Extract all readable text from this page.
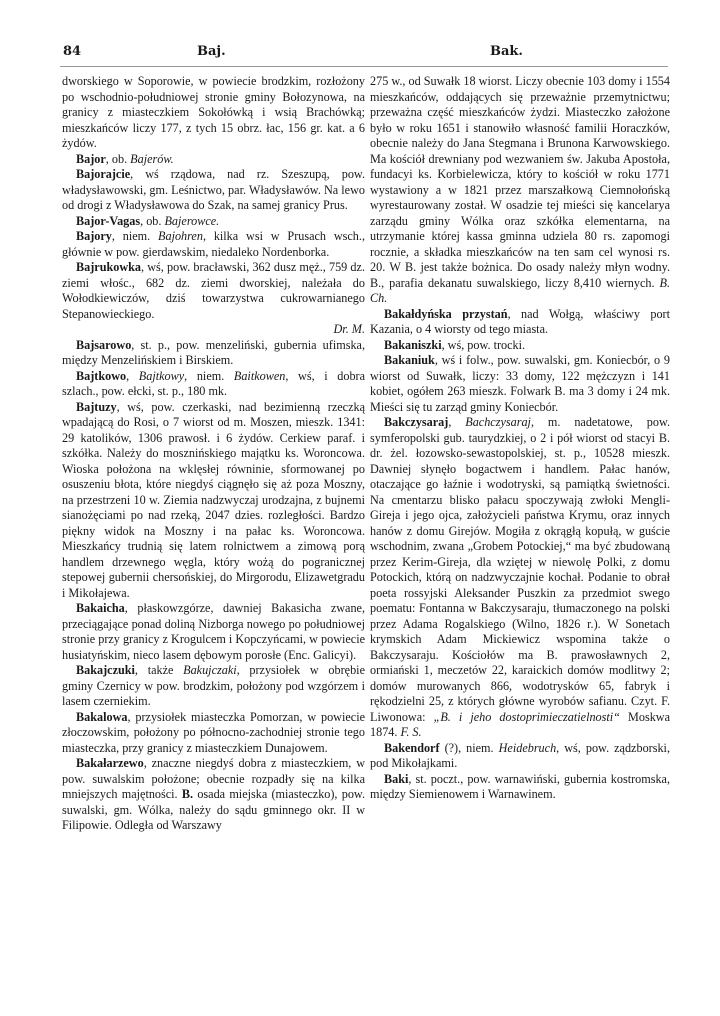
84	Baj.	Bak.

dworskiego w Soporowie, w powiecie brodzkim, rozłożony po wschodnio-południowej stronie gminy Bołozynowa, na granicy z miasteczkiem Sokołówką i wsią Brachówką; mieszkańców liczy 177, z tych 15 obrz. łac, 156 gr. kat. a 6 żydów.

Bajor, ob. Bajerów.

Bajorajcie, wś rządowa, nad rz. Szeszupą, pow. władysławowski, gm. Leśnictwo, par. Władysławów. Na lewo od drogi z Władysławowa do Szak, na samej granicy Prus.

Bajor-Vagas, ob. Bajerowce.

Bajory, niem. Bajohren, kilka wsi w Prusach wsch., głównie w pow. gierdawskim, niedaleko Nordenborka.

Bajrukowka, wś, pow. bracławski, 362 dusz męż., 759 dz. ziemi włośc., 682 dz. ziemi dworskiej, należała do Wołodkiewiczów, dziś towarzystwa cukrowarnianego Stepanowieckiego.

Dr. M.

Bajsarowo, st. p., pow. menzeliński, gubernia ufimska, między Menzelińskiem i Birskiem.

Bajtkowo, Bajtkowy, niem. Baitkowen, wś, i dobra szlach., pow. ełcki, st. p., 180 mk.

Bajtuzy, wś, pow. czerkaski, nad bezimienną rzeczką wpadającą do Rosi, o 7 wiorst od m. Moszen, mieszk. 1341: 29 katolików, 1306 prawosł. i 6 żydów. Cerkiew paraf. i szkółka. Należy do mosznińskiego majątku ks. Woroncowa. Wioska położona na wklęsłej równinie, sformowanej po osuszeniu błota, które niegdyś ciągnęło się aż poza Moszny, na przestrzeni 10 w. Ziemia nadzwyczaj urodzajna, z bujnemi sianożęciami po nad rzeką, 2047 dzies. rozległości. Bardzo piękny widok na Moszny i na pałac ks. Woroncowa. Mieszkańcy trudnią się latem rolnictwem a zimową porą handlem drzewnego węgla, który wożą do pogranicznej stepowej gubernii chersońskiej, do Mirgorodu, Elizawetgradu i Mikołajewa.

Bakaicha, płaskowzgórze, dawniej Bakasicha zwane, przeciągające ponad doliną Nizborga nowego po południowej stronie przy granicy z Krogulcem i Kopczyńcami, w powiecie husiatyńskim, nieco lasem dębowym porosłe (Enc. Galicyi).

Bakajczuki, także Bakujczaki, przysiołek w obrębie gminy Czernicy w pow. brodzkim, położony pod wzgórzem i lasem czerniekim.

Bakalowa, przysiołek miasteczka Pomorzan, w powiecie złoczowskim, położony po północno-zachodniej stronie tego miasteczka, przy granicy z miasteczkiem Dunajowem.

Bakałarzewo, znaczne niegdyś dobra z miasteczkiem, w pow. suwalskim położone; obecnie rozpadły się na kilka mniejszych majętności. B. osada miejska (miasteczko), pow. suwalski, gm. Wólka, należy do sądu gminnego okr. II w Filipowie. Odległa od Warszawy

275 w., od Suwałk 18 wiorst. Liczy obecnie 103 domy i 1554 mieszkańców, oddających się przeważnie przemytnictwu; przeważna część mieszkańców żydzi. Miasteczko założone było w roku 1651 i stanowiło własność familii Horaczków, obecnie należy do Jana Stegmana i Brunona Karwowskiego. Ma kościół drewniany pod wezwaniem św. Jakuba Apostoła, fundacyi ks. Korbielewicza, który to kościół w roku 1771 wystawiony a w 1821 przez marszałkową Ciemnołońską wyrestaurowany został. W osadzie tej mieści się kancelarya zarządu gminy Wólka oraz szkółka elementarna, na utrzymanie której kassa gminna udziela 80 rs. zapomogi rocznie, a składka mieszkańców na ten sam cel wynosi rs. 20. W B. jest także bożnica. Do osady należy młyn wodny. B., parafia dekanatu suwalskiego, liczy 8,410 wiernych. B. Ch.

Bakałdyńska przystań, nad Wołgą, właściwy port Kazania, o 4 wiorsty od tego miasta.

Bakaniszki, wś, pow. trocki.

Bakaniuk, wś i folw., pow. suwalski, gm. Koniecbór, o 9 wiorst od Suwałk, liczy: 33 domy, 122 mężczyzn i 141 kobiet, ogółem 263 mieszk. Folwark B. ma 3 domy i 24 mk. Mieści się tu zarząd gminy Koniecbór.

Bakczysaraj, Bachczysaraj, m. nadetatowe, pow. symferopolski gub. taurydzkiej, o 2 i pół wiorst od stacyi B. dr. żel. łozowsko-sewastopolskiej, st. p., 10528 mieszk. Dawniej słynęło bogactwem i handlem. Pałac hanów, otaczające go łaźnie i wodotryski, są pamiątką świetności. Na cmentarzu blisko pałacu spoczywają zwłoki Mengli-Gireja i jego ojca, założycieli państwa Krymu, oraz innych hanów z domu Girejów. Mogiła z okrągłą kopułą, w guście wschodnim, zwana „Grobem Potockiej,“ ma być zbudowaną przez Kerim-Gireja, dla wziętej w niewolę Polki, z domu Potockich, którą on nadzwyczajnie kochał. Podanie to obrał poeta rossyjski Aleksander Puszkin za przedmiot swego poematu: Fontanna w Bakczysaraju, tłumaczonego na polski przez Adama Rogalskiego (Wilno, 1826 r.). W Sonetach krymskich Adam Mickiewicz wspomina także o Bakczysaraju. Kościołów ma B. prawosławnych 2, ormiański 1, meczetów 22, karaickich domów modlitwy 2; domów murowanych 866, wodotrysków 65, fabryk i rękodzielni 25, z których główne wyrobów safianu. Czyt. F. Liwonowa: „B. i jeho dostoprimieczatielnosti“ Moskwa 1874. F. S.

Bakendorf (?), niem. Heidebruch, wś, pow. ządzborski, pod Mikołajkami.

Baki, st. poczt., pow. warnawiński, gubernia kostromska, między Siemienowem i Warnawinem.
